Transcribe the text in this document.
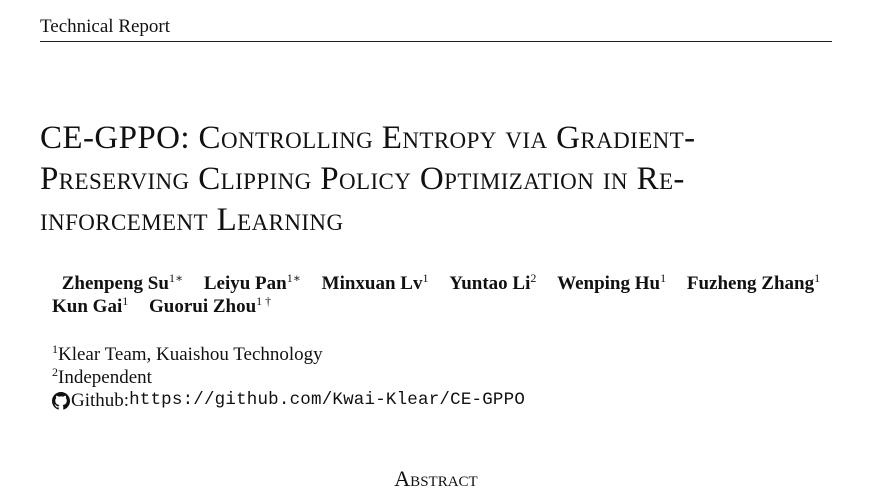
Technical Report
CE-GPPO: Controlling Entropy via Gradient-
Preserving Clipping Policy Optimization in Re-
inforcement Learning
Zhenpeng $Su^{1∗}$ Leiyu Pan$^{1∗}$ Minxuan Lv$^1$ Yuntao Li$^2$ Wenping Hu$^1$ Fuzheng Zhang$^1$
Kun Gai$^1$ Guorui Zhou$^{1 \dagger}$
$^1$Klear Team, Kuaishou Technology
$^2$Independent
Github: https://github.com/Kwai-Klear/CE-GPPO
Abstract
